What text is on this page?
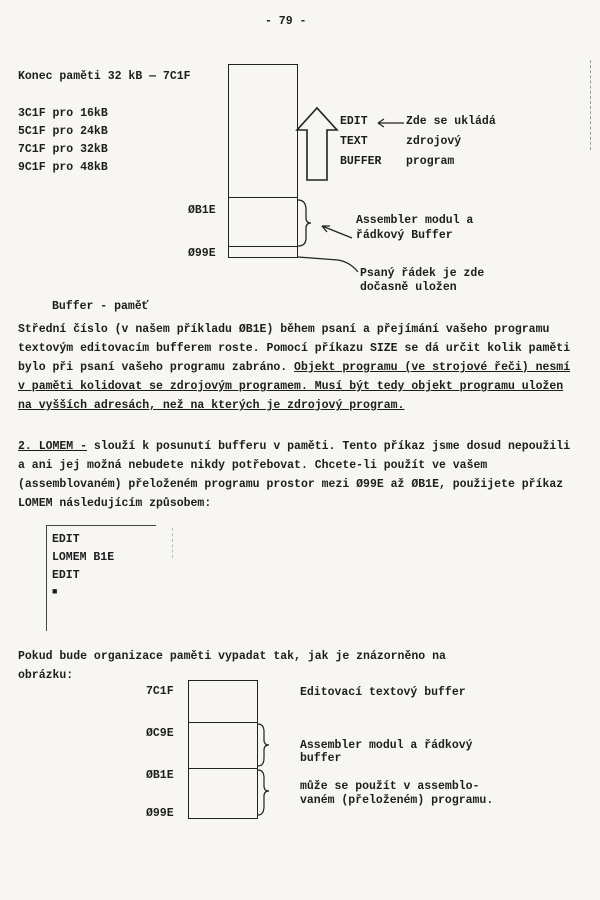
- 79 -
Konec paměti 32 kB — 7C1F
3C1F pro 16kB
5C1F pro 24kB
7C1F pro 32kB
9C1F pro 48kB
EDIT	Zde se ukládá
TEXT	zdrojový
BUFFER program
ØB1E
Ø99E
Assembler modul a
řádkový Buffer
Psaný řádek je zde
dočasně uložen
Buffer - paměť
Střední číslo (v našem příkladu ØB1E) během psaní a přejímání vašeho programu textovým editovacím bufferem roste. Pomocí příkazu SIZE se dá určit kolik paměti bylo při psaní vašeho programu zabráno. Objekt programu (ve strojové řeči) nesmí v paměti kolidovat se zdrojovým programem. Musí být tedy objekt programu uložen na vyšších adresách, než na kterých je zdrojový program.
2. LOMEM - slouží k posunutí bufferu v paměti. Tento příkaz jsme dosud nepoužili a ani jej možná nebudete nikdy potřebovat. Chcete-li použít ve vašem (assemblovaném) přeloženém programu prostor mezi Ø99E až ØB1E, použijete příkaz LOMEM následujícím způsobem:
EDIT
LOMEM B1E
EDIT
■
Pokud bude organizace paměti vypadat tak, jak je znázorněno na obrázku:
7C1F
ØC9E
ØB1E
Ø99E
Editovací textový buffer
Assembler modul a řádkový
buffer
může se použít v assemblo-
vaném (přeloženém) programu.
